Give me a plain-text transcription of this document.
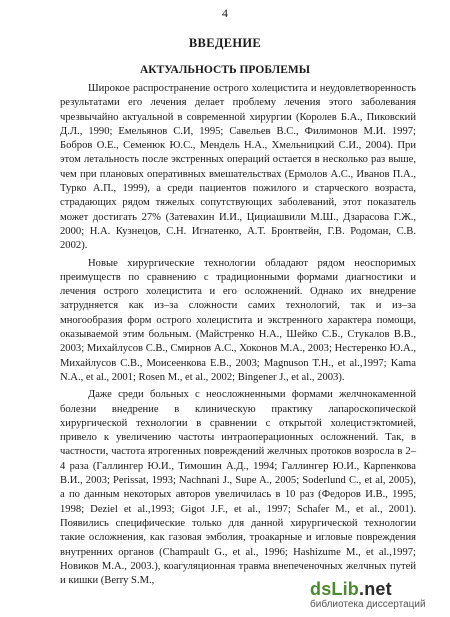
4
ВВЕДЕНИЕ
АКТУАЛЬНОСТЬ ПРОБЛЕМЫ

Широкое распространение острого холецистита и неудовлетворенность результатами его лечения делает проблему лечения этого заболевания чрезвычайно актуальной в современной хирургии (Королев Б.А., Пиковский Д.Л., 1990; Емельянов С.И, 1995; Савельев В.С., Филимонов М.И. 1997; Бобров О.Е., Семенюк Ю.С., Мендель Н.А., Хмельницкий С.И., 2004). При этом летальность после экстренных операций остается в несколько раз выше, чем при плановых оперативных вмешательствах (Ермолов А.С., Иванов П.А., Турко А.П., 1999), а среди пациентов пожилого и старческого возраста, страдающих рядом тяжелых сопутствующих заболеваний, этот показатель может достигать 27% (Затевахин И.И., Цициашвили М.Ш., Дзарасова Г.Ж., 2000; Н.А. Кузнецов, С.Н. Игнатенко, А.Т. Бронтвейн, Г.В. Родоман, С.В. 2002).

Новые хирургические технологии обладают рядом неоспоримых преимуществ по сравнению с традиционными формами диагностики и лечения острого холецистита и его осложнений. Однако их внедрение затрудняется как из–за сложности самих технологий, так и из–за многообразия форм острого холецистита и экстренного характера помощи, оказываемой этим больным. (Майстренко Н.А., Шейко С.Б., Стукалов В.В., 2003; Михайлусов С.В., Смирнов А.С., Хоконов М.А., 2003; Нестеренко Ю.А., Михайлусов С.В., Моисеенкова Е.В., 2003; Magnuson T.H., et al.,1997; Kama N.A., et al., 2001; Rosen M., et al., 2002; Bingener J., et al., 2003).

Даже среди больных с неосложненными формами желчнокаменной болезни внедрение в клиническую практику лапароскопической хирургической технологии в сравнении с открытой холецистэктомией, привело к увеличению частоты интраоперационных осложнений. Так, в частности, частота ятрогенных повреждений желчных протоков возросла в 2–4 раза (Галлингер Ю.И., Тимошин А.Д., 1994; Галлингер Ю.И., Карпенкова В.И., 2003; Perissat, 1993; Nachnani J., Supe A., 2005; Soderlund C., et al, 2005), а по данным некоторых авторов увеличилась в 10 раз (Федоров И.В., 1995, 1998; Deziel et al.,1993; Gigot J.F., et al., 1997; Schafer M., et al., 2001). Появились специфические только для данной хирургической технологии такие осложнения, как газовая эмболия, троакарные и игловые повреждения внутренних органов (Champault G., et al., 1996; Hashizume M., et al.,1997; Новиков М.А., 2003.), коагуляционная травма внепеченочных желчных путей и кишки (Berry S.M.,	dsLib.net
библиотека диссертаций
